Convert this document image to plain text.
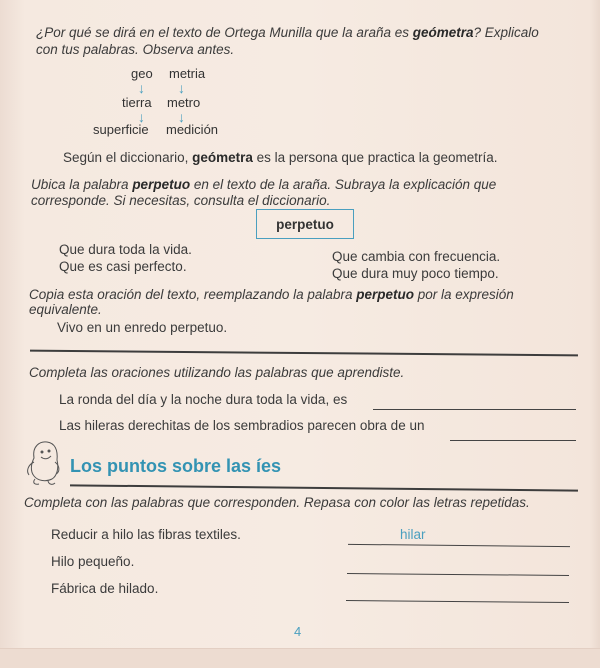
¿Por qué se dirá en el texto de Ortega Munilla que la araña es geómetra? Explicalo
con tus palabras. Observa antes.
geo metria
↓ ↓
tierra metro
↓ ↓
superficie medición
Según el diccionario, geómetra es la persona que practica la geometría.
Ubica la palabra perpetuo en el texto de la araña. Subraya la explicación que
corresponde. Si necesitas, consulta el diccionario.
perpetuo
Que dura toda la vida.
Que es casi perfecto.
Que cambia con frecuencia.
Que dura muy poco tiempo.
Copia esta oración del texto, reemplazando la palabra perpetuo por la expresión
equivalente.
Vivo en un enredo perpetuo.
Completa las oraciones utilizando las palabras que aprendiste.
La ronda del día y la noche dura toda la vida, es
Las hileras derechitas de los sembradios parecen obra de un
Los puntos sobre las íes
Completa con las palabras que corresponden. Repasa con color las letras repetidas.
Reducir a hilo las fibras textiles.	hilar
Hilo pequeño.
Fábrica de hilado.
4
